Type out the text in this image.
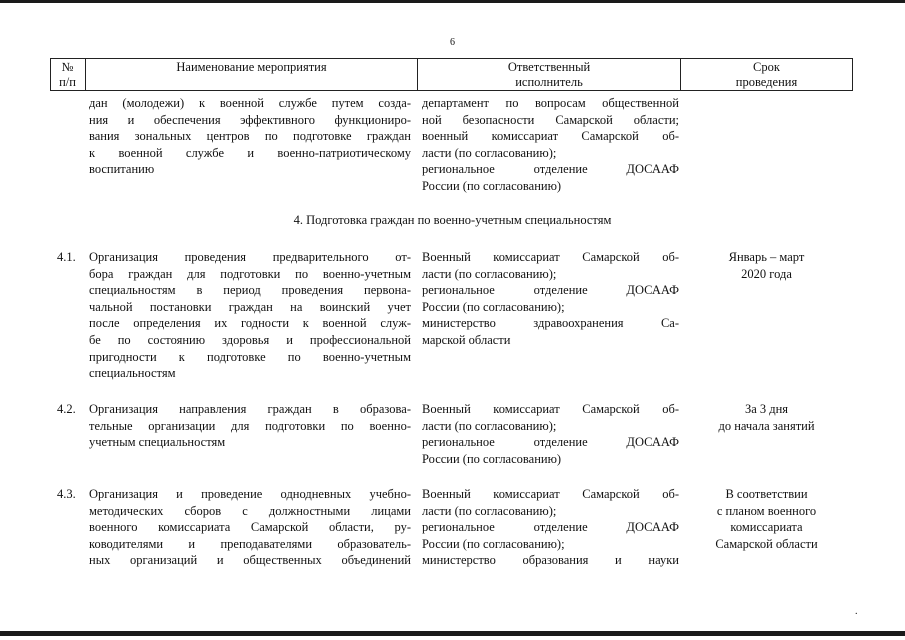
6
№
п/п
Наименование мероприятия	Ответственный
исполнитель
Срок
проведения
дан (молодежи) к военной службе путем созда-
ния и обеспечения эффективного функциониро-
вания зональных центров по подготовке граждан
к военной службе и военно-патриотическому
воспитанию
департамент по вопросам общественной
ной безопасности Самарской области;
военный комиссариат Самарской об-
ласти (по согласованию);
региональное отделение ДОСААФ
России (по согласованию)
4. Подготовка граждан по военно-учетным специальностям
4.1. Организация проведения предварительного от-
бора граждан для подготовки по военно-учетным
специальностям в период проведения первона-
чальной постановки граждан на воинский учет
после определения их годности к военной служ-
бе по состоянию здоровья и профессиональной
пригодности к подготовке по военно-учетным
специальностям
Военный комиссариат Самарской об-
ласти (по согласованию);
региональное отделение ДОСААФ
России (по согласованию);
министерство здравоохранения Са-
марской области
Январь – март
2020 года
4.2. Организация направления граждан в образова-
тельные организации для подготовки по военно-
учетным специальностям
Военный комиссариат Самарской об-
ласти (по согласованию);
региональное отделение ДОСААФ
России (по согласованию)
За 3 дня
до начала занятий
4.3. Организация и проведение однодневных учебно-
методических сборов с должностными лицами
военного комиссариата Самарской области, ру-
ководителями и преподавателями образователь-
ных организаций и общественных объединений
Военный комиссариат Самарской об-
ласти (по согласованию);
региональное отделение ДОСААФ
России (по согласованию);
министерство образования и науки
В соответствии
с планом военного
комиссариата
Самарской области
.
